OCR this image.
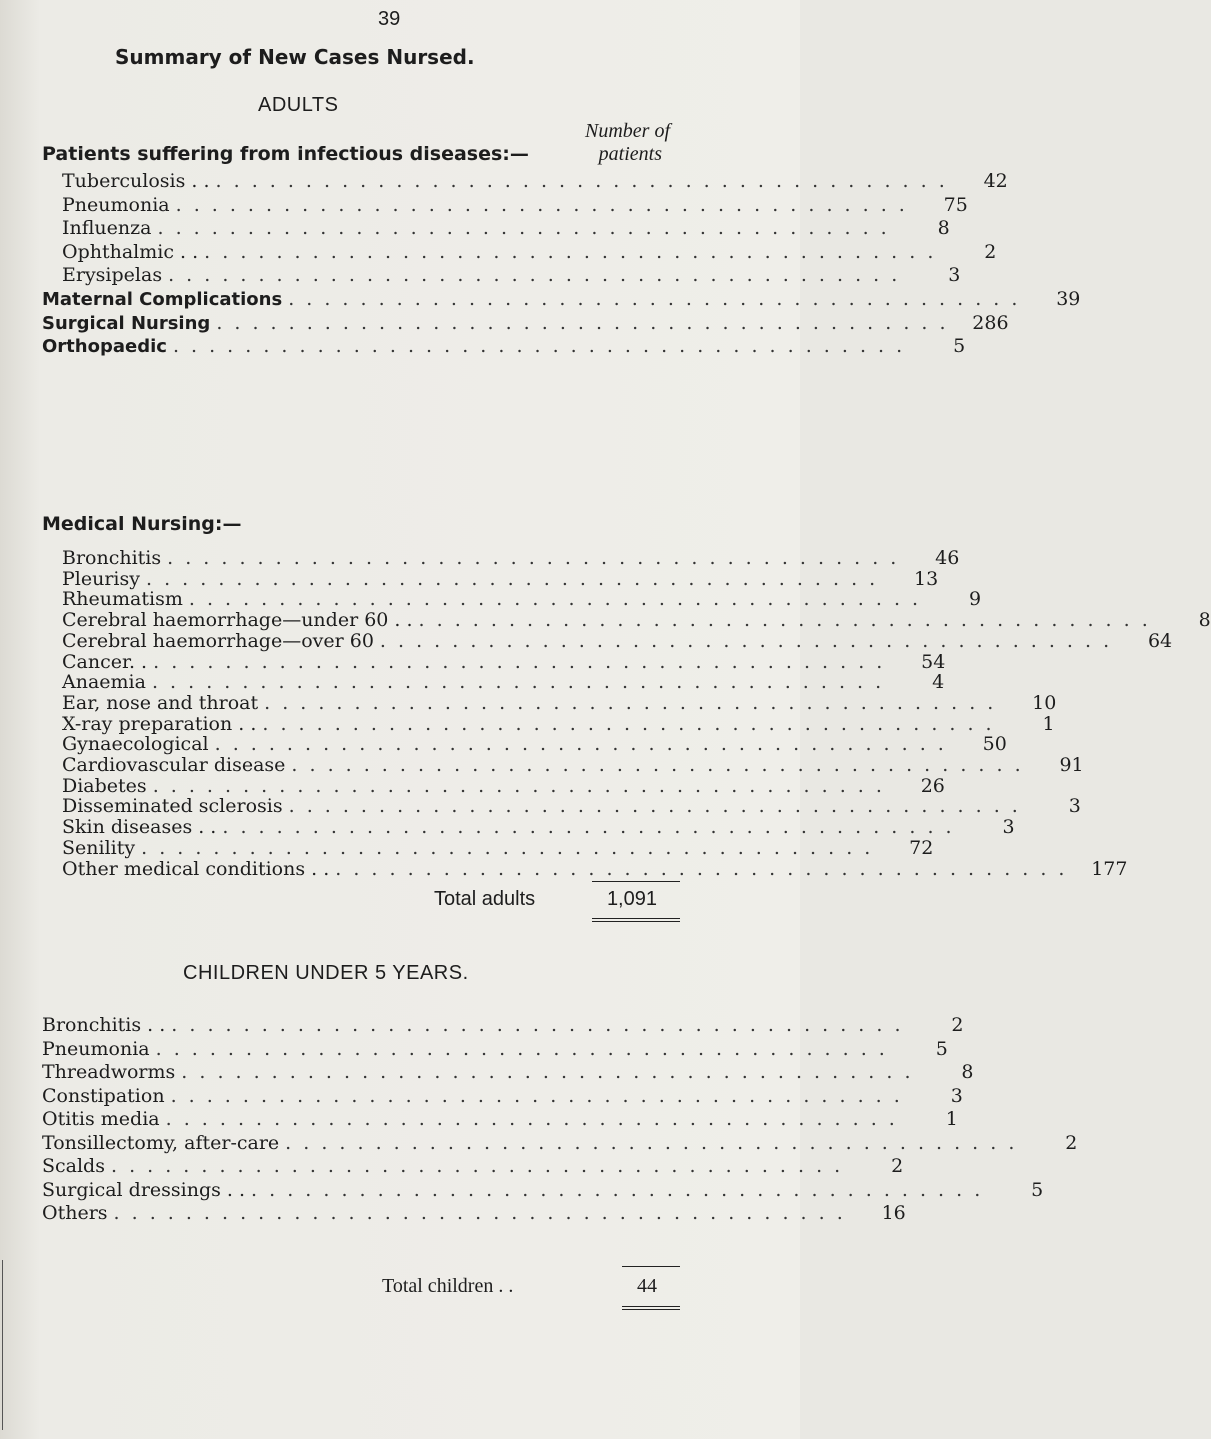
39
Summary of New Cases Nursed.
ADULTS
Number of
patients
Patients suffering from infectious diseases:—
Tuberculosis . . . . . . . . . . . . . . . . . . . . . . . . . . . . . . . . . . . . . . . . . . .	42
Pneumonia . . . . . . . . . . . . . . . . . . . . . . . . . . . . . . . . . . . . . . . . .	75
Influenza . . . . . . . . . . . . . . . . . . . . . . . . . . . . . . . . . . . . . . . . .	8
Ophthalmic . . . . . . . . . . . . . . . . . . . . . . . . . . . . . . . . . . . . . . . . . . .	2
Erysipelas . . . . . . . . . . . . . . . . . . . . . . . . . . . . . . . . . . . . . . . . .	3
Maternal Complications . . . . . . . . . . . . . . . . . . . . . . . . . . . . . . . . . . . . . . . . .	39
Surgical Nursing . . . . . . . . . . . . . . . . . . . . . . . . . . . . . . . . . . . . . . . . .	286
Orthopaedic . . . . . . . . . . . . . . . . . . . . . . . . . . . . . . . . . . . . . . . . .	5
Medical Nursing:—
Bronchitis . . . . . . . . . . . . . . . . . . . . . . . . . . . . . . . . . . . . . . . . .	46
Pleurisy . . . . . . . . . . . . . . . . . . . . . . . . . . . . . . . . . . . . . . . . .	13
Rheumatism . . . . . . . . . . . . . . . . . . . . . . . . . . . . . . . . . . . . . . . . .	9
Cerebral haemorrhage—under 60 . . . . . . . . . . . . . . . . . . . . . . . . . . . . . . . . . . . . . . . . . . .	8
Cerebral haemorrhage—over 60 . . . . . . . . . . . . . . . . . . . . . . . . . . . . . . . . . . . . . . . . .	64
Cancer. . . . . . . . . . . . . . . . . . . . . . . . . . . . . . . . . . . . . . . . . . .	54
Anaemia . . . . . . . . . . . . . . . . . . . . . . . . . . . . . . . . . . . . . . . . .	4
Ear, nose and throat . . . . . . . . . . . . . . . . . . . . . . . . . . . . . . . . . . . . . . . . .	10
X-ray preparation . . . . . . . . . . . . . . . . . . . . . . . . . . . . . . . . . . . . . . . . . . .	1
Gynaecological . . . . . . . . . . . . . . . . . . . . . . . . . . . . . . . . . . . . . . . . .	50
Cardiovascular disease . . . . . . . . . . . . . . . . . . . . . . . . . . . . . . . . . . . . . . . . .	91
Diabetes . . . . . . . . . . . . . . . . . . . . . . . . . . . . . . . . . . . . . . . . .	26
Disseminated sclerosis . . . . . . . . . . . . . . . . . . . . . . . . . . . . . . . . . . . . . . . . .	3
Skin diseases . . . . . . . . . . . . . . . . . . . . . . . . . . . . . . . . . . . . . . . . . . .	3
Senility . . . . . . . . . . . . . . . . . . . . . . . . . . . . . . . . . . . . . . . . .	72
Other medical conditions . . . . . . . . . . . . . . . . . . . . . . . . . . . . . . . . . . . . . . . . . . .	177
Total adults	1,091
CHILDREN UNDER 5 YEARS.
Bronchitis . . . . . . . . . . . . . . . . . . . . . . . . . . . . . . . . . . . . . . . . . . .	2
Pneumonia . . . . . . . . . . . . . . . . . . . . . . . . . . . . . . . . . . . . . . . . .	5
Threadworms . . . . . . . . . . . . . . . . . . . . . . . . . . . . . . . . . . . . . . . . .	8
Constipation . . . . . . . . . . . . . . . . . . . . . . . . . . . . . . . . . . . . . . . . .	3
Otitis media . . . . . . . . . . . . . . . . . . . . . . . . . . . . . . . . . . . . . . . . .	1
Tonsillectomy, after-care . . . . . . . . . . . . . . . . . . . . . . . . . . . . . . . . . . . . . . . . .	2
Scalds . . . . . . . . . . . . . . . . . . . . . . . . . . . . . . . . . . . . . . . . .	2
Surgical dressings . . . . . . . . . . . . . . . . . . . . . . . . . . . . . . . . . . . . . . . . . . .	5
Others . . . . . . . . . . . . . . . . . . . . . . . . . . . . . . . . . . . . . . . . .	16
Total children . .	44
